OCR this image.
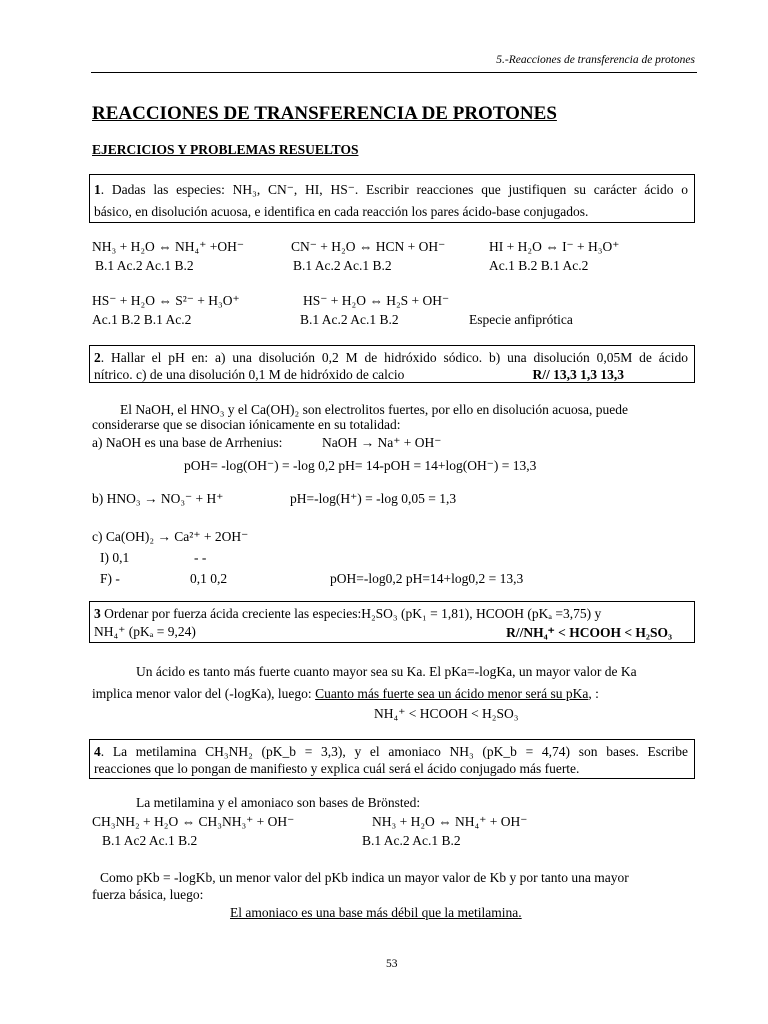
5.-Reacciones de transferencia de protones
REACCIONES DE TRANSFERENCIA DE PROTONES
EJERCICIOS Y PROBLEMAS RESUELTOS
1. Dadas las especies: NH₃, CN⁻, HI, HS⁻. Escribir reacciones que justifiquen su carácter ácido o
básico, en disolución acuosa, e identifica en cada reacción los pares ácido-base conjugados.
NH₃ + H₂O ⇔ NH₄⁺ +OH⁻
B.1 Ac.2 Ac.1 B.2
CN⁻ + H₂O ⇔ HCN + OH⁻
B.1 Ac.2 Ac.1 B.2
HI + H₂O ⇔ I⁻ + H₃O⁺
Ac.1 B.2 B.1 Ac.2
HS⁻ + H₂O ⇔ S²⁻ + H₃O⁺
Ac.1 B.2 B.1 Ac.2
HS⁻ + H₂O ⇔ H₂S + OH⁻
B.1 Ac.2 Ac.1 B.2	Especie anfiprótica
2. Hallar el pH en: a) una disolución 0,2 M de hidróxido sódico. b) una disolución 0,05M de ácido
nítrico. c) de una disolución 0,1 M de hidróxido de calcio	R// 13,3 1,3 13,3
El NaOH, el HNO₃ y el Ca(OH)₂ son electrolitos fuertes, por ello en disolución acuosa, puede
considerarse que se disocian iónicamente en su totalidad:
a) NaOH es una base de Arrhenius:	NaOH → Na⁺ + OH⁻
pOH= -log(OH⁻) = -log 0,2 pH= 14-pOH = 14+log(OH⁻) = 13,3
b) HNO₃ → NO₃⁻ + H⁺	pH=-log(H⁺) = -log 0,05 = 1,3
c) Ca(OH)₂ → Ca²⁺ + 2OH⁻
I) 0,1	- -
F) -	0,1 0,2	pOH=-log0,2 pH=14+log0,2 = 13,3
3 Ordenar por fuerza ácida creciente las especies:H₂SO₃ (pK₁ = 1,81), HCOOH (pKₐ =3,75) y
NH₄⁺ (pKₐ = 9,24)	R//NH₄⁺ < HCOOH < H₂SO₃
Un ácido es tanto más fuerte cuanto mayor sea su Ka. El pKa=-logKa, un mayor valor de Ka
implica menor valor del (-logKa), luego: Cuanto más fuerte sea un ácido menor será su pKa, :
NH₄⁺ < HCOOH < H₂SO₃
4. La metilamina CH₃NH₂ (pK_b = 3,3), y el amoniaco NH₃ (pK_b = 4,74) son bases. Escribe
reacciones que lo pongan de manifiesto y explica cuál será el ácido conjugado más fuerte.
La metilamina y el amoniaco son bases de Brönsted:
CH₃NH₂ + H₂O ⇔ CH₃NH₃⁺ + OH⁻
B.1 Ac2 Ac.1 B.2
NH₃ + H₂O ⇔ NH₄⁺ + OH⁻
B.1 Ac.2 Ac.1 B.2
Como pKb = -logKb, un menor valor del pKb indica un mayor valor de Kb y por tanto una mayor
fuerza básica, luego:
El amoniaco es una base más débil que la metilamina.
53
